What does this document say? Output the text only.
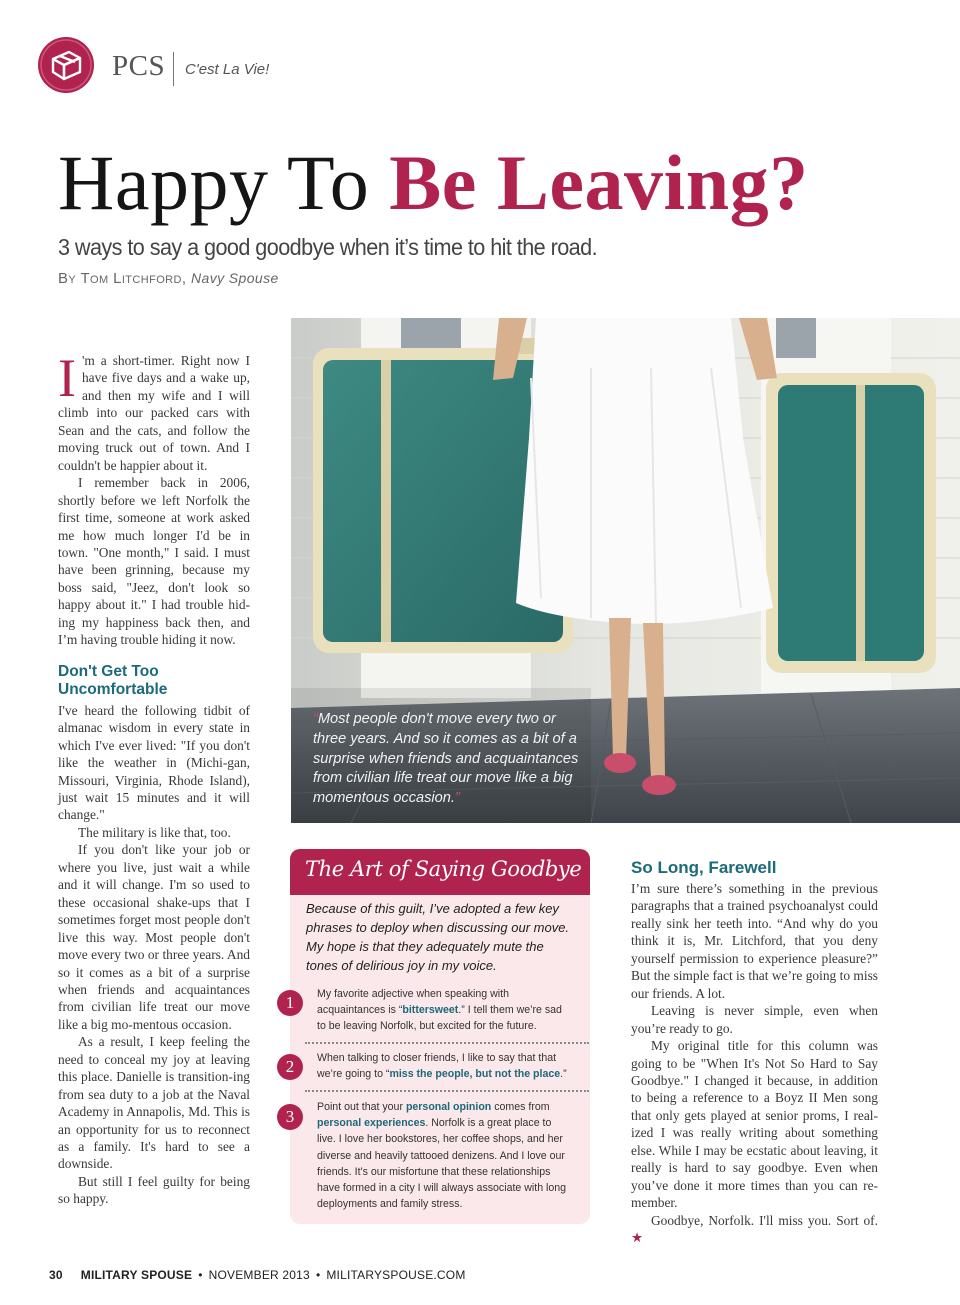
PCS C'est La Vie!
Happy To Be Leaving?
3 ways to say a good goodbye when it’s time to hit the road.
By Tom Litchford, Navy Spouse

I 'm a short-timer. Right now I have five days and a wake up, and then my wife and I will climb into our packed cars with Sean and the cats, and follow the moving truck out of town. And I couldn't be happier about it.

I remember back in 2006, shortly before we left Norfolk the first time, someone at work asked me how much longer I'd be in town. "One month," I said. I must have been grinning, because my boss said, "Jeez, don't look so happy about it." I had trouble hid-ing my happiness back then, and I’m having trouble hiding it now.

Don't Get Too Uncomfortable

I've heard the following tidbit of almanac wisdom in every state in which I've ever lived: "If you don't like the weather in (Michi-gan, Missouri, Virginia, Rhode Island), just wait 15 minutes and it will change."

The military is like that, too.

If you don't like your job or where you live, just wait a while and it will change. I'm so used to these occasional shake-ups that I sometimes forget most people don't live this way. Most people don't move every two or three years. And so it comes as a bit of a surprise when friends and acquaintances from civilian life treat our move like a big mo-mentous occasion.

As a result, I keep feeling the need to conceal my joy at leaving this place. Danielle is transition-ing from sea duty to a job at the Naval Academy in Annapolis, Md. This is an opportunity for us to reconnect as a family. It's hard to see a downside.

But still I feel guilty for being so happy.

“Most people don't move every two or three years. And so it comes as a bit of a surprise when friends and acquaintances from civilian life treat our move like a big momentous occasion.”
The Art of Saying Goodbye
Because of this guilt, I’ve adopted a few key phrases to deploy when discussing our move. My hope is that they adequately mute the tones of delirious joy in my voice.
1	My favorite adjective when speaking with acquaintances is “bittersweet.” I tell them we’re sad to be leaving Norfolk, but excited for the future.
2	When talking to closer friends, I like to say that that we’re going to “miss the people, but not the place.”
3	Point out that your personal opinion comes from personal experiences. Norfolk is a great place to live. I love her bookstores, her coffee shops, and her diverse and heavily tattooed denizens. And I love our friends. It's our misfortune that these relationships have formed in a city I will always associate with long deployments and family stress.
So Long, Farewell

I’m sure there’s something in the previous paragraphs that a trained psychoanalyst could really sink her teeth into. “And why do you think it is, Mr. Litchford, that you deny yourself permission to experience pleasure?” But the simple fact is that we’re going to miss our friends. A lot.

Leaving is never simple, even when you’re ready to go.

My original title for this column was going to be "When It's Not So Hard to Say Goodbye." I changed it because, in addition to being a reference to a Boyz II Men song that only gets played at senior proms, I real-ized I was really writing about something else. While I may be ecstatic about leaving, it really is hard to say goodbye. Even when you’ve done it more times than you can re-member.

Goodbye, Norfolk. I'll miss you. Sort of. ★

30 MILITARY SPOUSE • NOVEMBER 2013 • MILITARYSPOUSE.COM
